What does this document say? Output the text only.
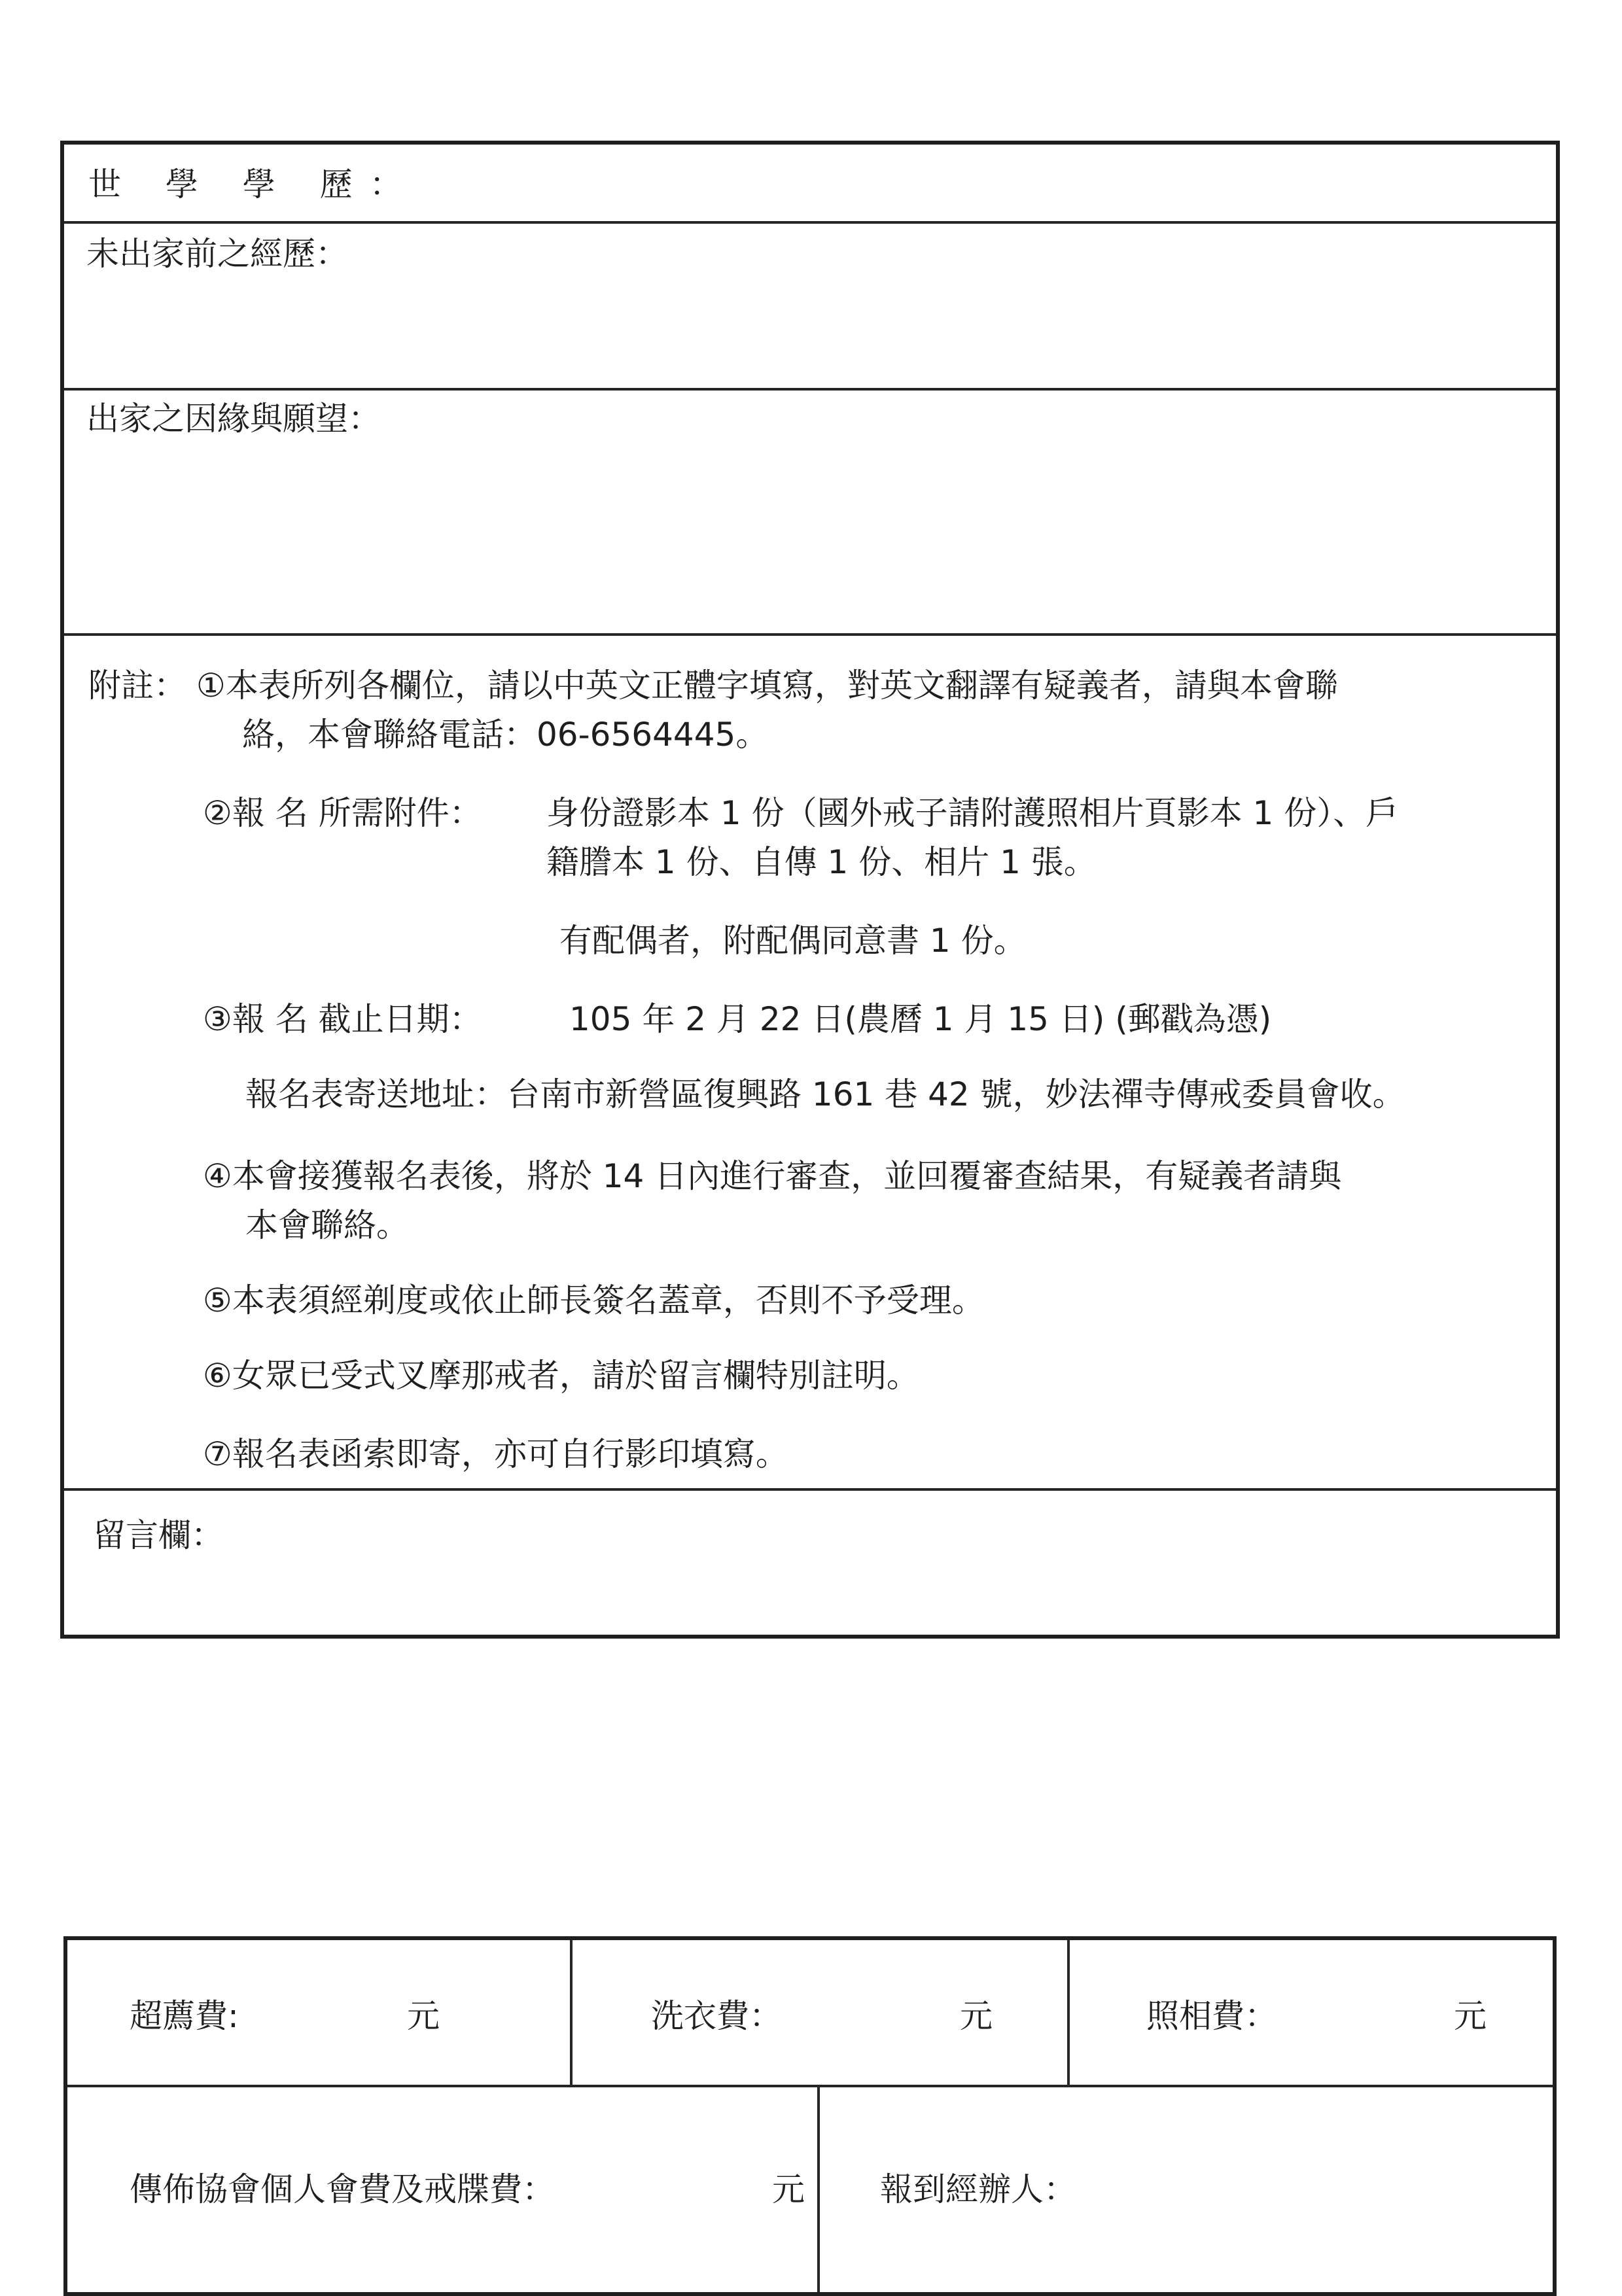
世 學 學 歷：
未出家前之經歷：
出家之因緣與願望：
附註： ①本表所列各欄位，請以中英文正體字填寫，對英文翻譯有疑義者，請與本會聯
絡，本會聯絡電話：06-6564445。
②報 名 所需附件： 身份證影本 1 份（國外戒子請附護照相片頁影本 1 份）、戶
籍謄本 1 份、自傳 1 份、相片 1 張。
有配偶者，附配偶同意書 1 份。
③報 名 截止日期：	105 年 2 月 22 日(農曆 1 月 15 日) (郵戳為憑)
報名表寄送地址：台南市新營區復興路 161 巷 42 號，妙法禪寺傳戒委員會收。
④本會接獲報名表後，將於 14 日內進行審查，並回覆審查結果，有疑義者請與
本會聯絡。
⑤本表須經剃度或依止師長簽名蓋章，否則不予受理。
⑥女眾已受式叉摩那戒者，請於留言欄特別註明。
⑦報名表函索即寄，亦可自行影印填寫。
留言欄：
超薦費:	元	洗衣費：	元	照相費：	元
傳佈協會個人會費及戒牒費：	元 報到經辦人：
